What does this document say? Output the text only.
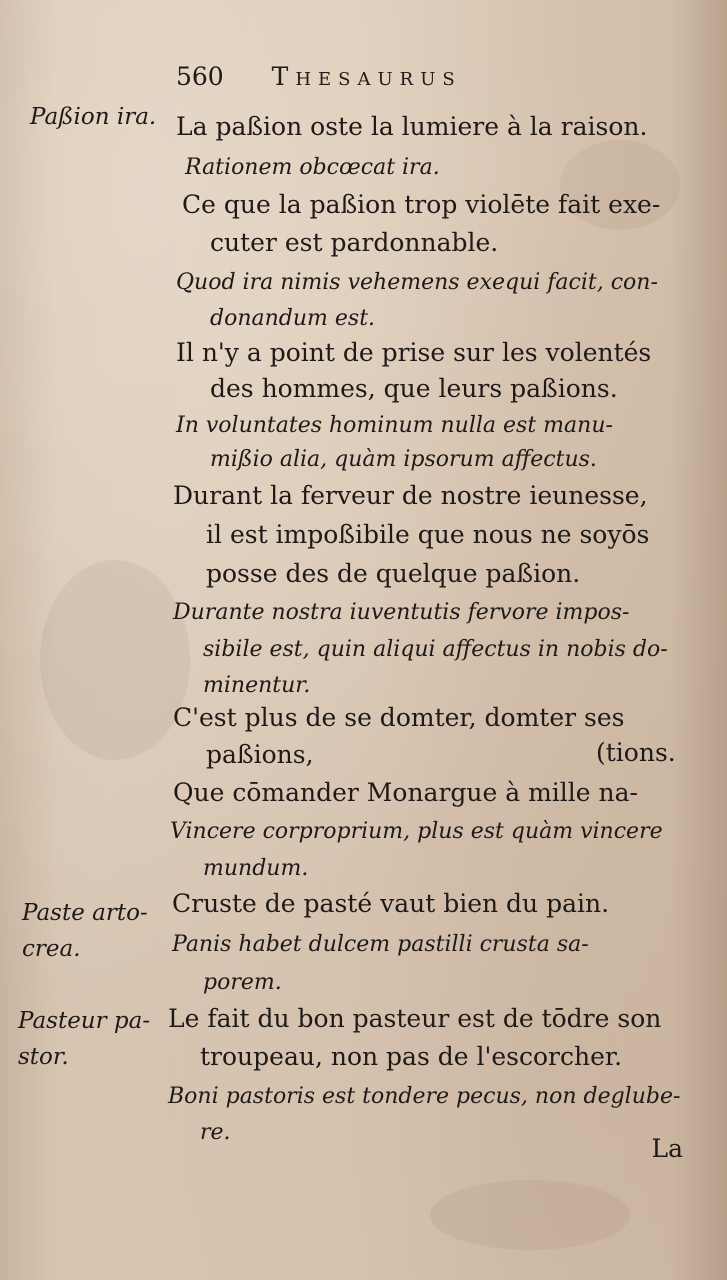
560 Thesaurus
Paßion ira.
Paste arto-
crea.
Pasteur pa-
stor.

La paßion oste la lumiere à la raison.

Rationem obcœcat ira.

Ce que la paßion trop violēte fait exe-

cuter est pardonnable.

Quod ira nimis vehemens exequi facit, con-

donandum est.

Il n'y a point de prise sur les volentés

des hommes, que leurs paßions.

In voluntates hominum nulla est manu-

mißio alia, quàm ipsorum affectus.

Durant la ferveur de nostre ieunesse,

il est impoßibile que nous ne soyōs

posse des de quelque paßion.

Durante nostra iuventutis fervore impos-

sibile est, quin aliqui affectus in nobis do-

minentur.

C'est plus de se domter, domter ses

paßions,	(tions.

Que cōmander Monargue à mille na-

Vincere corproprium, plus est quàm vincere

mundum.

Cruste de pasté vaut bien du pain.

Panis habet dulcem pastilli crusta sa-

porem.

Le fait du bon pasteur est de tōdre son

troupeau, non pas de l'escorcher.

Boni pastoris est tondere pecus, non deglube-

re.

La
